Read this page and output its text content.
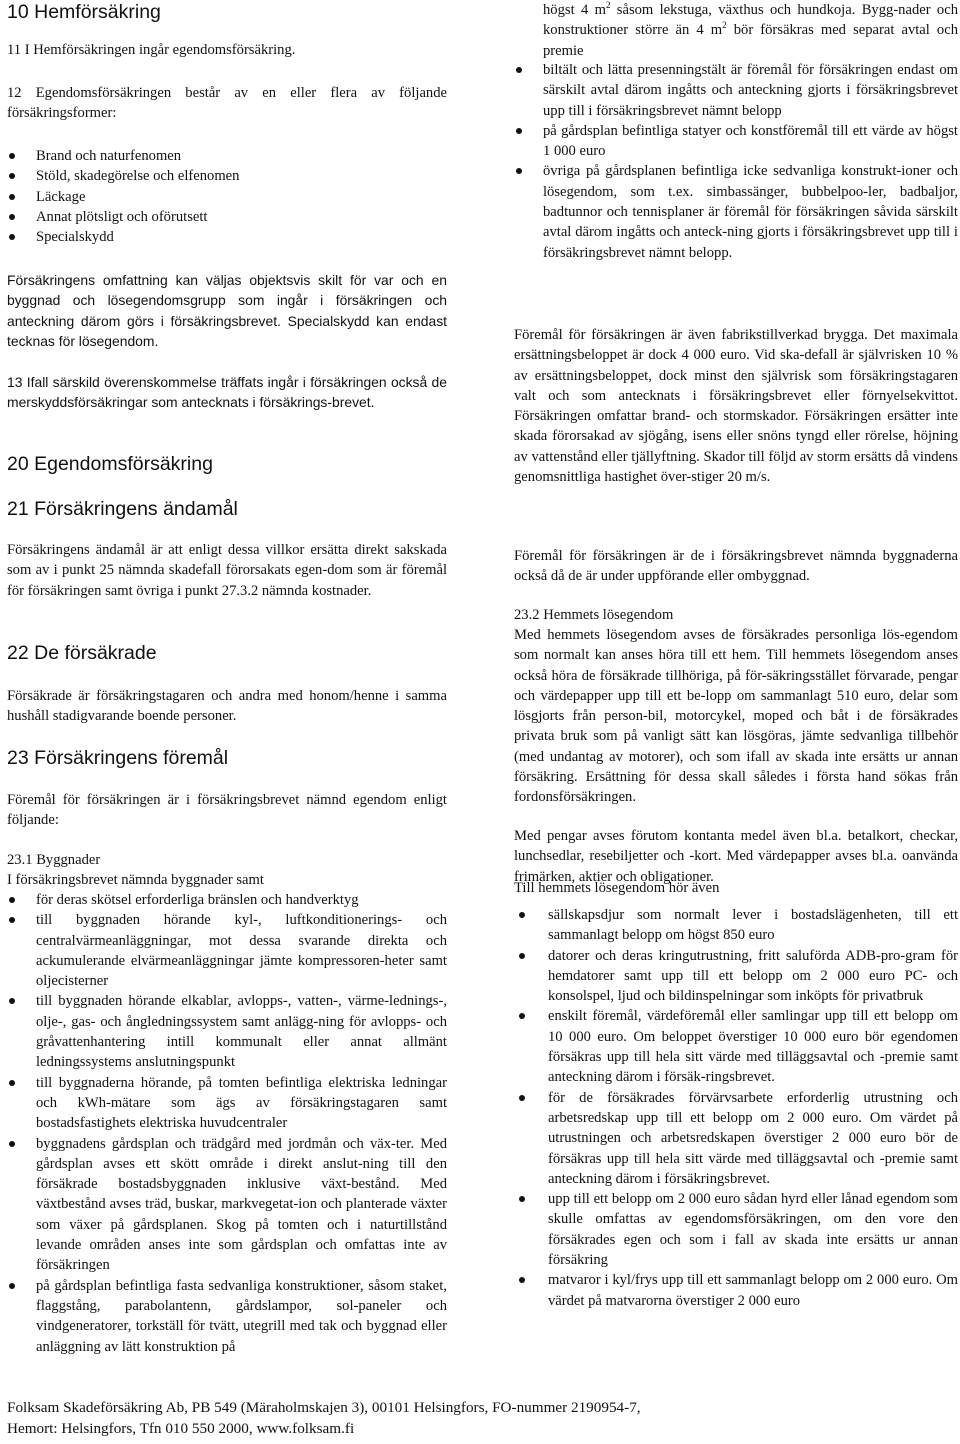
10 Hemförsäkring

11 I Hemförsäkringen ingår egendomsförsäkring.

12 Egendomsförsäkringen består av en eller flera av följande försäkringsformer:

Brand och naturfenomen
Stöld, skadegörelse och elfenomen
Läckage
Annat plötsligt och oförutsett
Specialskydd

Försäkringens omfattning kan väljas objektsvis skilt för var och en byggnad och lösegendomsgrupp som ingår i försäkringen och anteckning därom görs i försäkringsbrevet. Specialskydd kan endast tecknas för lösegendom.

13 Ifall särskild överenskommelse träffats ingår i försäkringen också de merskyddsförsäkringar som antecknats i försäkrings-brevet.

20 Egendomsförsäkring
21 Försäkringens ändamål

Försäkringens ändamål är att enligt dessa villkor ersätta direkt sakskada som av i punkt 25 nämnda skadefall förorsakats egen-dom som är föremål för försäkringen samt övriga i punkt 27.3.2 nämnda kostnader.

22 De försäkrade

Försäkrade är försäkringstagaren och andra med honom/henne i samma hushåll stadigvarande boende personer.

23 Försäkringens föremål

Föremål för försäkringen är i försäkringsbrevet nämnd egendom enligt följande:

23.1 Byggnader

I försäkringsbrevet nämnda byggnader samt

för deras skötsel erforderliga bränslen och handverktyg
till byggnaden hörande kyl-, luftkonditionerings- och centralvärmeanläggningar, mot dessa svarande direkta och ackumulerande elvärmeanläggningar jämte kompressoren-heter samt oljecisterner
till byggnaden hörande elkablar, avlopps-, vatten-, värme-lednings-, olje-, gas- och ångledningssystem samt anlägg-ning för avlopps- och gråvattenhantering intill kommunalt eller annat allmänt ledningssystems anslutningspunkt
till byggnaderna hörande, på tomten befintliga elektriska ledningar och kWh-mätare som ägs av försäkringstagaren samt bostadsfastighets elektriska huvudcentraler
byggnadens gårdsplan och trädgård med jordmån och väx-ter. Med gårdsplan avses ett skött område i direkt anslut-ning till den försäkrade bostadsbyggnaden inklusive växt-bestånd. Med växtbestånd avses träd, buskar, markvegetat-ion och planterade växter som växer på gårdsplanen. Skog på tomten och i naturtillstånd levande områden anses inte som gårdsplan och omfattas inte av försäkringen
på gårdsplan befintliga fasta sedvanliga konstruktioner, såsom staket, flaggstång, parabolantenn, gårdslampor, sol-paneler och vindgeneratorer, torkställ för tvätt, utegrill med tak och byggnad eller anläggning av lätt konstruktion på

högst 4 $m^2$ såsom lekstuga, växthus och hundkoja. Bygg-nader och konstruktioner större än 4 $m^2$ bör försäkras med separat avtal och premie

biltält och lätta presenningstält är föremål för försäkringen endast om särskilt avtal därom ingåtts och anteckning gjorts i försäkringsbrevet upp till i försäkringsbrevet nämnt belopp
på gårdsplan befintliga statyer och konstföremål till ett värde av högst 1 000 euro
övriga på gårdsplanen befintliga icke sedvanliga konstrukt-ioner och lösegendom, som t.ex. simbassänger, bubbelpoo-ler, badbaljor, badtunnor och tennisplaner är föremål för försäkringen såvida särskilt avtal därom ingåtts och anteck-ning gjorts i försäkringsbrevet upp till i försäkringsbrevet nämnt belopp.

Föremål för försäkringen är även fabrikstillverkad brygga. Det maximala ersättningsbeloppet är dock 4 000 euro. Vid ska-defall är självrisken 10 % av ersättningsbeloppet, dock minst den självrisk som försäkringstagaren valt och som antecknats i försäkringsbrevet eller förnyelsekvittot. Försäkringen omfattar brand- och stormskador. Försäkringen ersätter inte skada förorsakad av sjögång, isens eller snöns tyngd eller rörelse, höjning av vattenstånd eller tjällyftning. Skador till följd av storm ersätts då vindens genomsnittliga hastighet över-stiger 20 m/s.

Föremål för försäkringen är de i försäkringsbrevet nämnda byggnaderna också då de är under uppförande eller ombyggnad.

23.2 Hemmets lösegendom

Med hemmets lösegendom avses de försäkrades personliga lös-egendom som normalt kan anses höra till ett hem. Till hemmets lösegendom anses också höra de försäkrade tillhöriga, på för-säkringsstället förvarade, pengar och värdepapper upp till ett be-lopp om sammanlagt 510 euro, delar som lösgjorts från person-bil, motorcykel, moped och båt i de försäkrades privata bruk som på vanligt sätt kan lösgöras, jämte sedvanliga tillbehör (med undantag av motorer), och som ifall av skada inte ersätts ur annan försäkring. Ersättning för dessa skall således i första hand sökas från fordonsförsäkringen.

Med pengar avses förutom kontanta medel även bl.a. betalkort, checkar, lunchsedlar, resebiljetter och -kort. Med värdepapper avses bl.a. oanvända frimärken, aktier och obligationer.

Till hemmets lösegendom hör även

sällskapsdjur som normalt lever i bostadslägenheten, till ett sammanlagt belopp om högst 850 euro
datorer och deras kringutrustning, fritt saluförda ADB-pro-gram för hemdatorer samt upp till ett belopp om 2 000 euro PC- och konsolspel, ljud och bildinspelningar som inköpts för privatbruk
enskilt föremål, värdeföremål eller samlingar upp till ett belopp om 10 000 euro. Om beloppet överstiger 10 000 euro bör egendomen försäkras upp till hela sitt värde med tilläggsavtal och -premie samt anteckning därom i försäk-ringsbrevet.
för de försäkrades förvärvsarbete erforderlig utrustning och arbetsredskap upp till ett belopp om 2 000 euro. Om värdet på utrustningen och arbetsredskapen överstiger 2 000 euro bör de försäkras upp till hela sitt värde med tilläggsavtal och -premie samt anteckning därom i försäkringsbrevet.
upp till ett belopp om 2 000 euro sådan hyrd eller lånad egendom som skulle omfattas av egendomsförsäkringen, om den vore den försäkrades egen och som i fall av skada inte ersätts ur annan försäkring
matvaror i kyl/frys upp till ett sammanlagt belopp om 2 000 euro. Om värdet på matvarorna överstiger 2 000 euro
Folksam Skadeförsäkring Ab, PB 549 (Märaholmskajen 3), 00101 Helsingfors, FO-nummer 2190954-7,
Hemort: Helsingfors, Tfn 010 550 2000, www.folksam.fi
